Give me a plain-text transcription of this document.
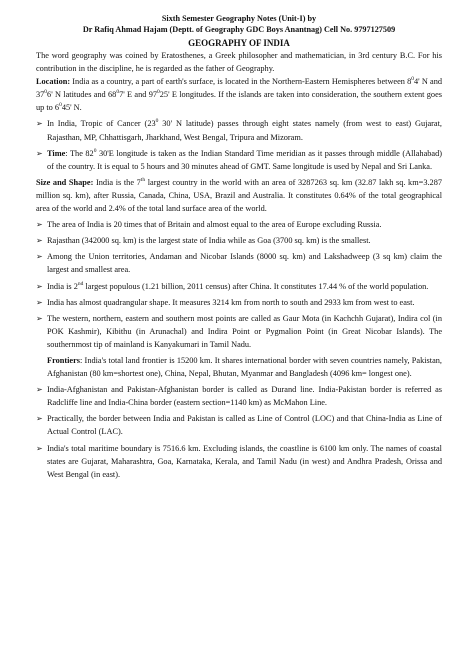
Sixth Semester Geography Notes (Unit-I) by
Dr Rafiq Ahmad Hajam (Deptt. of Geography GDC Boys Anantnag) Cell No. 9797127509
GEOGRAPHY OF INDIA

The word geography was coined by Eratosthenes, a Greek philosopher and mathematician, in 3rd century B.C. For his contribution in the discipline, he is regarded as the father of Geography.

Location: India as a country, a part of earth's surface, is located in the Northern-Eastern Hemispheres between $8^04'$ N and $37^06'$ N latitudes and $68^07'$ E and $97^025'$ E longitudes. If the islands are taken into consideration, the southern extent goes up to $6^045'$ N.

➢ In India, Tropic of Cancer ($23^0$ 30' N latitude) passes through eight states namely (from west to east) Gujarat, Rajasthan, MP, Chhattisgarh, Jharkhand, West Bengal, Tripura and Mizoram.

➢ Time: The $82^0$ 30'E longitude is taken as the Indian Standard Time meridian as it passes through middle (Allahabad) of the country. It is equal to 5 hours and 30 minutes ahead of GMT. Same longitude is used by Nepal and Sri Lanka.

Size and Shape: India is the 7th largest country in the world with an area of 3287263 sq. km (32.87 lakh sq. km=3.287 million sq. km), after Russia, Canada, China, USA, Brazil and Australia. It constitutes 0.64% of the total geographical area of the world and 2.4% of the total land surface area of the world.

➢ The area of India is 20 times that of Britain and almost equal to the area of Europe excluding Russia.

➢ Rajasthan (342000 sq. km) is the largest state of India while as Goa (3700 sq. km) is the smallest.

➢ Among the Union territories, Andaman and Nicobar Islands (8000 sq. km) and Lakshadweep (3 sq km) claim the largest and smallest area.

➢ India is 2nd largest populous (1.21 billion, 2011 census) after China. It constitutes 17.44 % of the world population.

➢ India has almost quadrangular shape. It measures 3214 km from north to south and 2933 km from west to east.

➢ The western, northern, eastern and southern most points are called as Gaur Mota (in Kachchh Gujarat), Indira col (in POK Kashmir), Kibithu (in Arunachal) and Indira Point or Pygmalion Point (in Great Nicobar Islands). The southernmost tip of mainland is Kanyakumari in Tamil Nadu.

Frontiers: India's total land frontier is 15200 km. It shares international border with seven countries namely, Pakistan, Afghanistan (80 km=shortest one), China, Nepal, Bhutan, Myanmar and Bangladesh (4096 km= longest one).

➢ India-Afghanistan and Pakistan-Afghanistan border is called as Durand line. India-Pakistan border is referred as Radcliffe line and India-China border (eastern section=1140 km) as McMahon Line.

➢ Practically, the border between India and Pakistan is called as Line of Control (LOC) and that China-India as Line of Actual Control (LAC).

➢ India's total maritime boundary is 7516.6 km. Excluding islands, the coastline is 6100 km only. The names of coastal states are Gujarat, Maharashtra, Goa, Karnataka, Kerala, and Tamil Nadu (in west) and Andhra Pradesh, Orissa and West Bengal (in east).
